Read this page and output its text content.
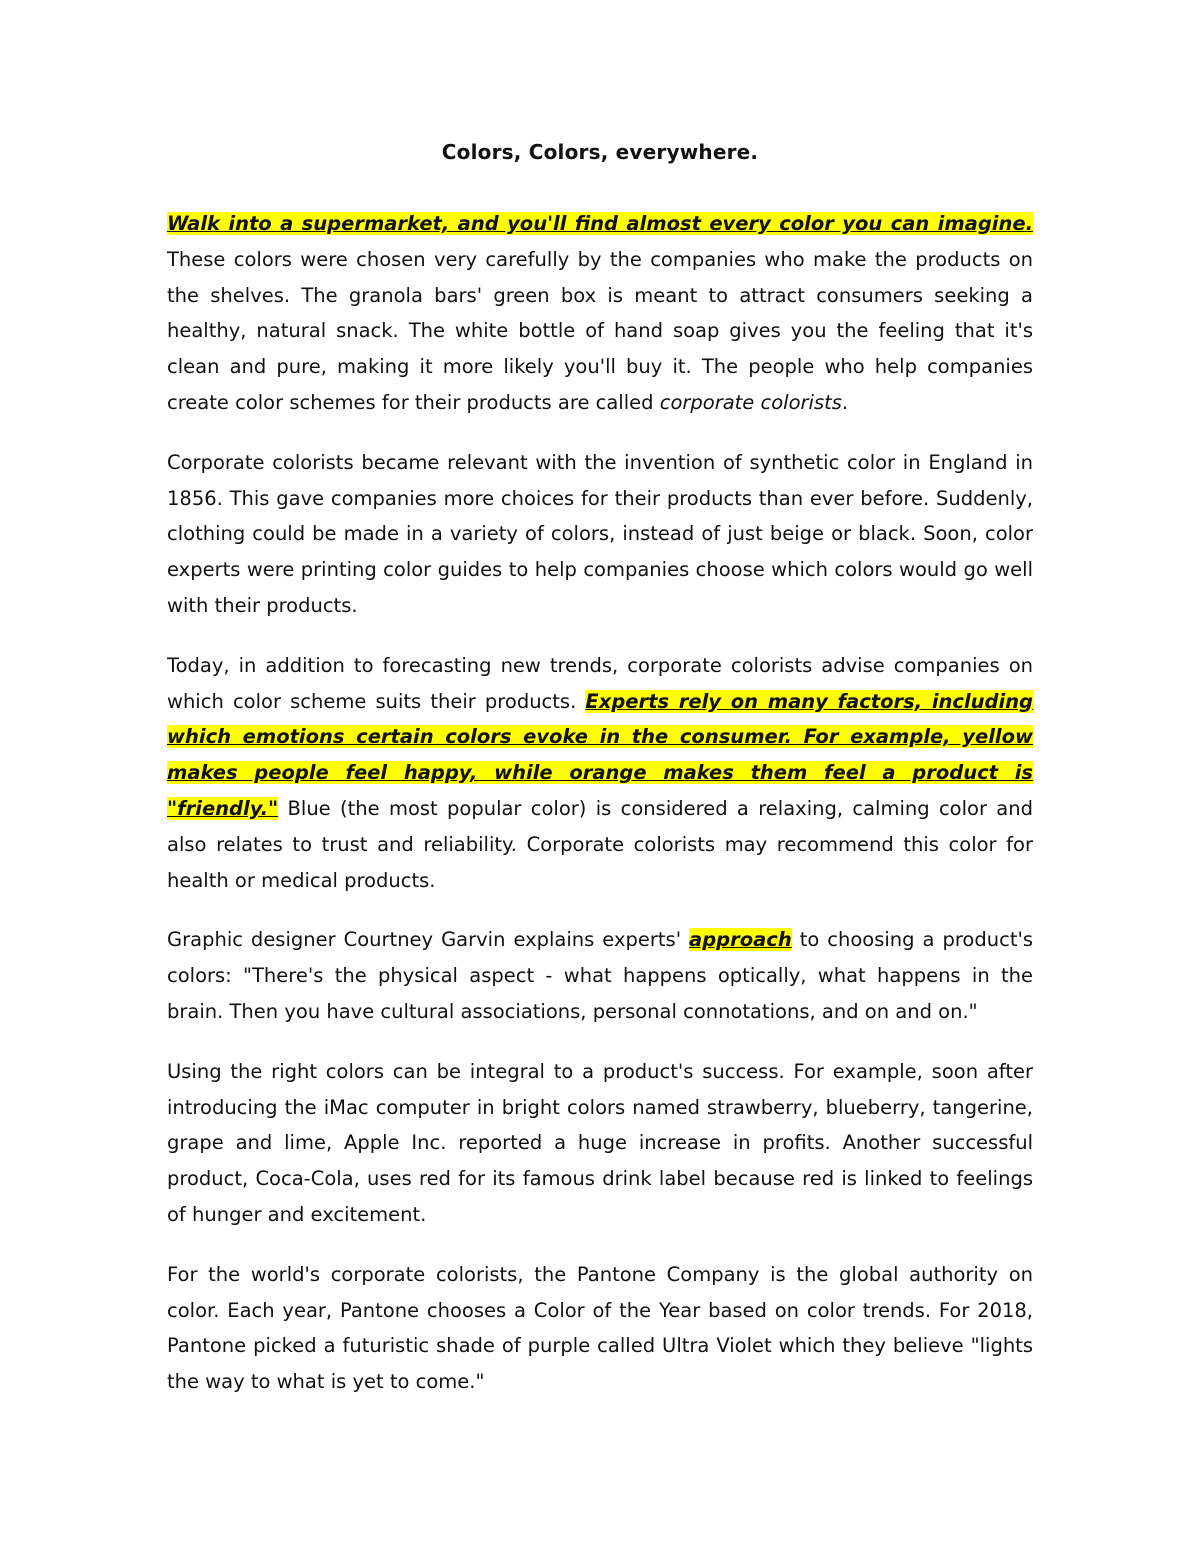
Colors, Colors, everywhere.

Walk into a supermarket, and you'll find almost every color you can imagine. These colors were chosen very carefully by the companies who make the products on the shelves. The granola bars' green box is meant to attract consumers seeking a healthy, natural snack. The white bottle of hand soap gives you the feeling that it's clean and pure, making it more likely you'll buy it. The people who help companies create color schemes for their products are called corporate colorists.

Corporate colorists became relevant with the invention of synthetic color in England in 1856. This gave companies more choices for their products than ever before. Suddenly, clothing could be made in a variety of colors, instead of just beige or black. Soon, color experts were printing color guides to help companies choose which colors would go well with their products.

Today, in addition to forecasting new trends, corporate colorists advise companies on which color scheme suits their products. Experts rely on many factors, including which emotions certain colors evoke in the consumer. For example, yellow makes people feel happy, while orange makes them feel a product is "friendly." Blue (the most popular color) is considered a relaxing, calming color and also relates to trust and reliability. Corporate colorists may recommend this color for health or medical products.

Graphic designer Courtney Garvin explains experts' approach to choosing a product's colors: "There's the physical aspect - what happens optically, what happens in the brain. Then you have cultural associations, personal connotations, and on and on."

Using the right colors can be integral to a product's success. For example, soon after introducing the iMac computer in bright colors named strawberry, blueberry, tangerine, grape and lime, Apple Inc. reported a huge increase in profits. Another successful product, Coca-Cola, uses red for its famous drink label because red is linked to feelings of hunger and excitement.

For the world's corporate colorists, the Pantone Company is the global authority on color. Each year, Pantone chooses a Color of the Year based on color trends. For 2018, Pantone picked a futuristic shade of purple called Ultra Violet which they believe "lights the way to what is yet to come."
